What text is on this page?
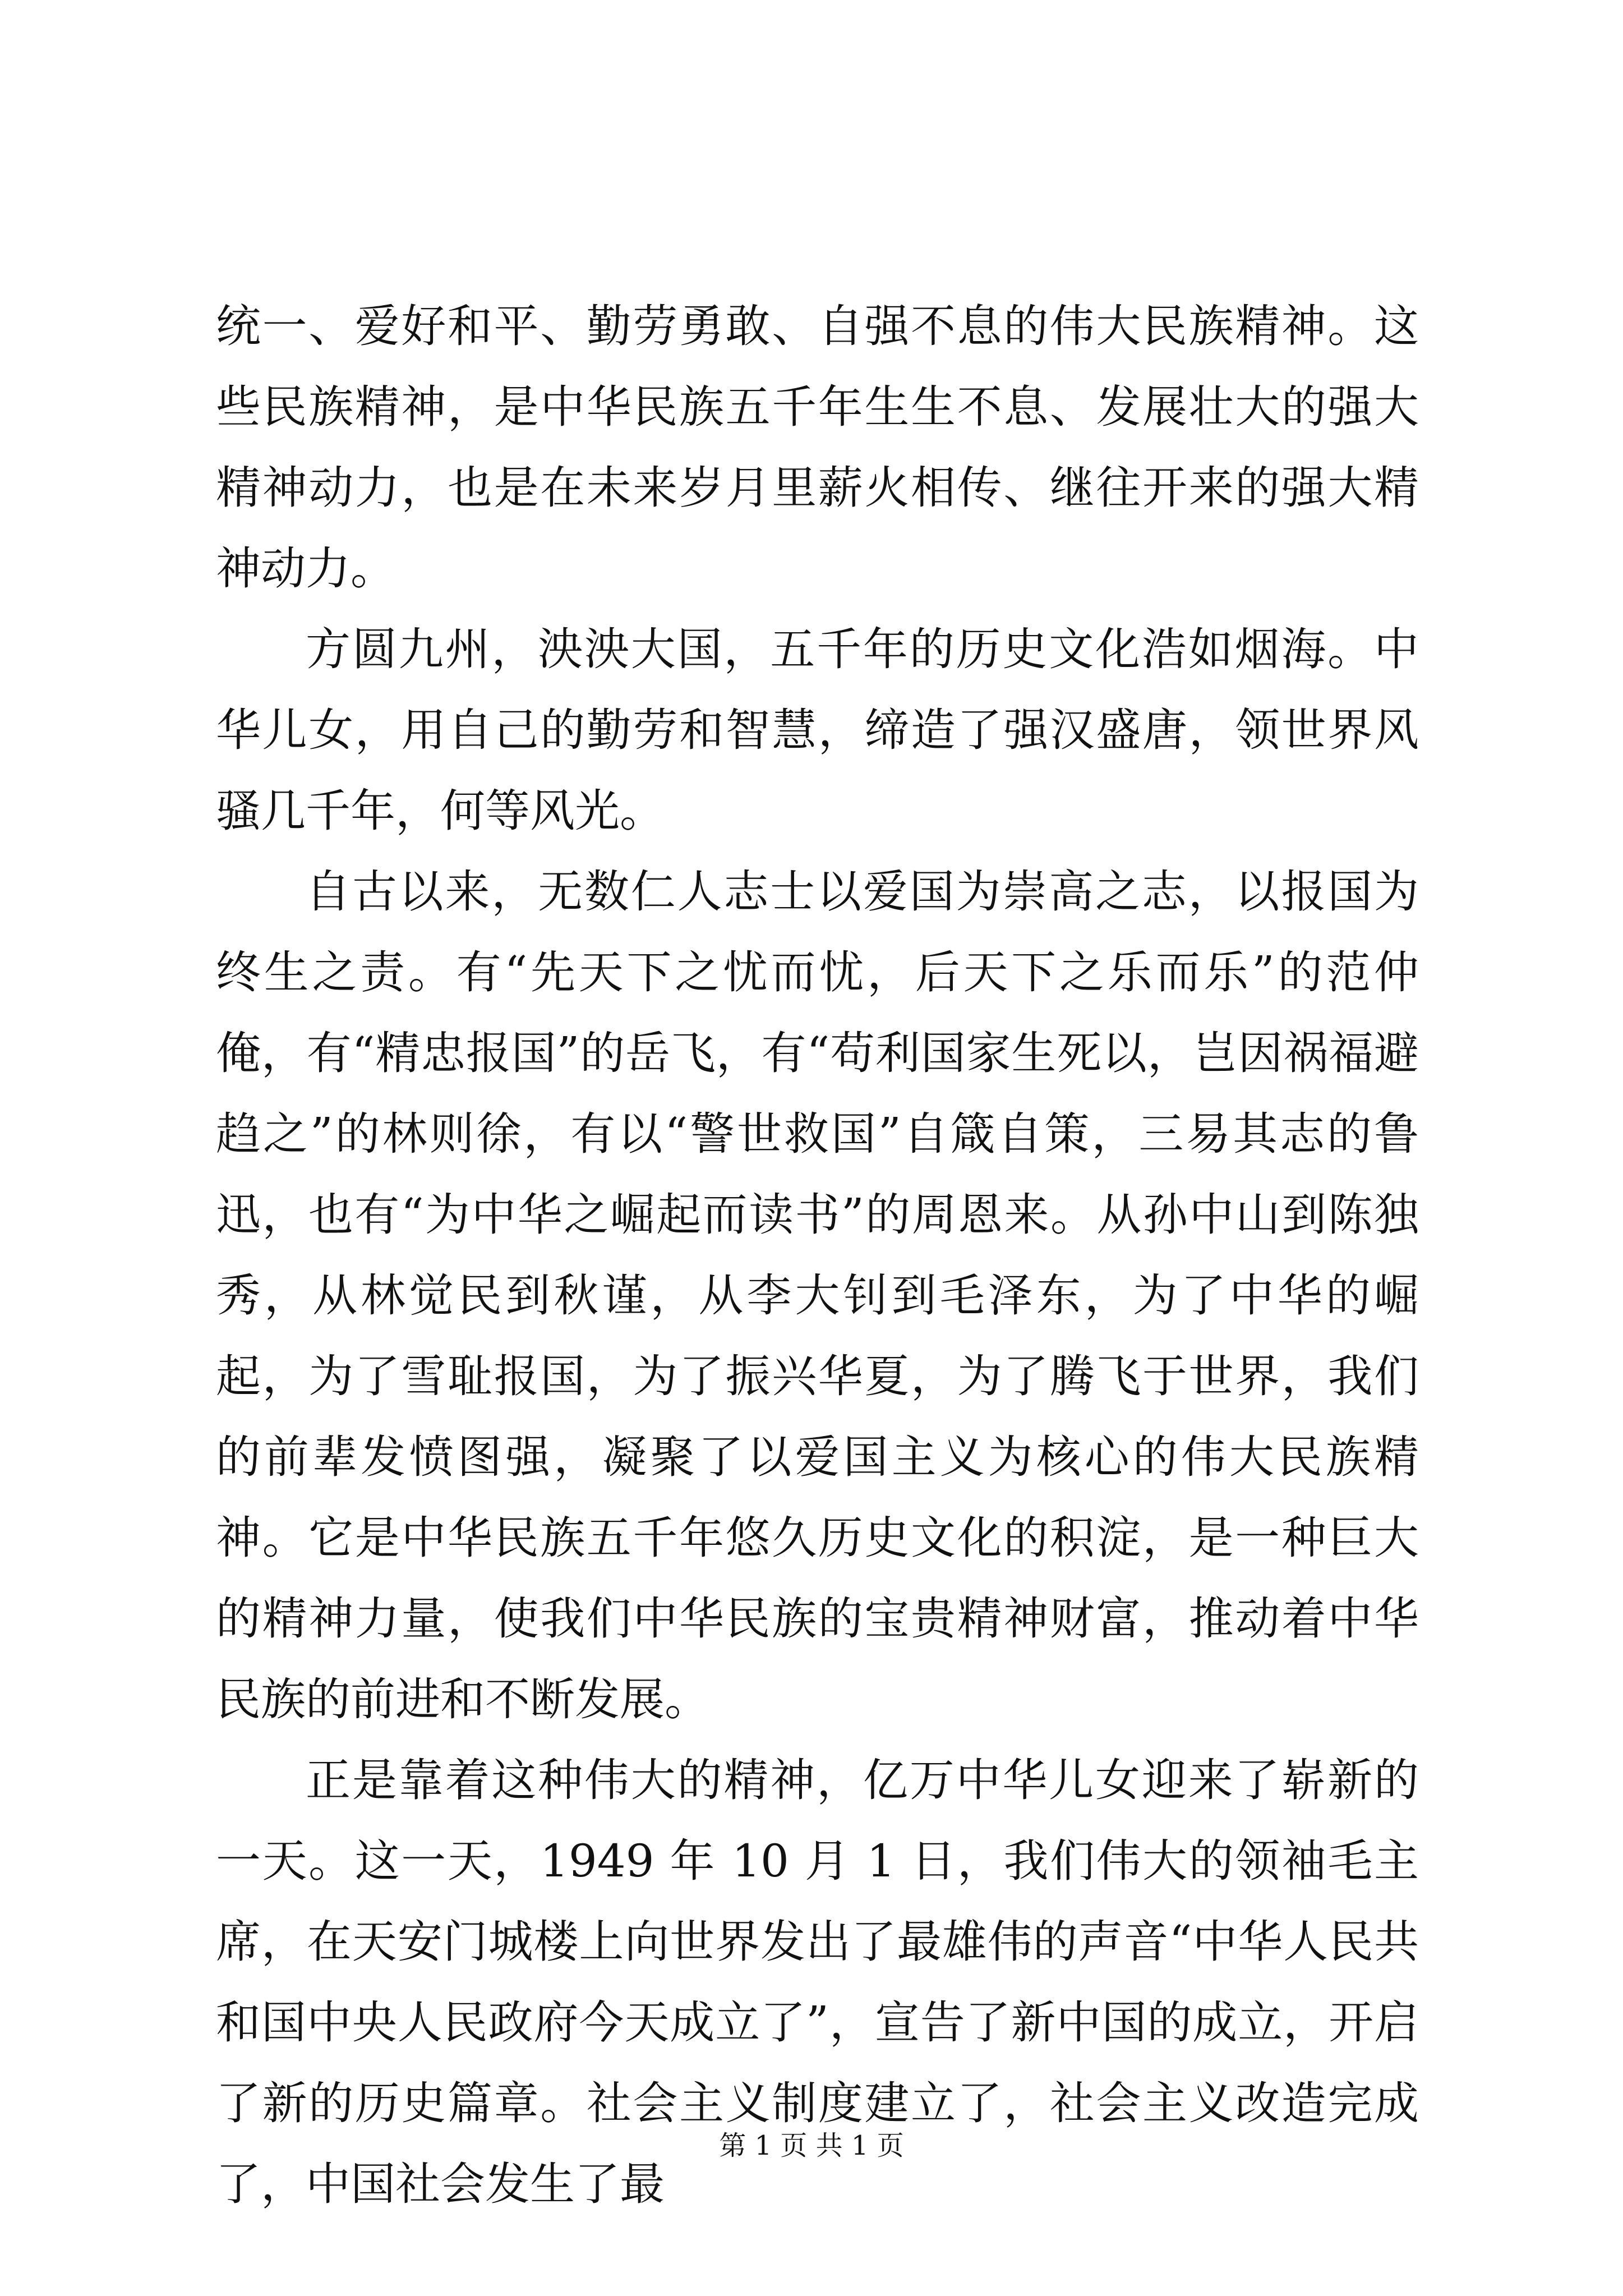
统一、爱好和平、勤劳勇敢、自强不息的伟大民族精神。这些民族精神，是中华民族五千年生生不息、发展壮大的强大精神动力，也是在未来岁月里薪火相传、继往开来的强大精神动力。

方圆九州，泱泱大国，五千年的历史文化浩如烟海。中华儿女，用自己的勤劳和智慧，缔造了强汉盛唐，领世界风骚几千年，何等风光。

自古以来，无数仁人志士以爱国为崇高之志，以报国为终生之责。有“先天下之忧而忧，后天下之乐而乐”的范仲俺，有“精忠报国”的岳飞，有“苟利国家生死以，岂因祸福避趋之”的林则徐，有以“警世救国”自箴自策，三易其志的鲁迅，也有“为中华之崛起而读书”的周恩来。从孙中山到陈独秀，从林觉民到秋谨，从李大钊到毛泽东，为了中华的崛起，为了雪耻报国，为了振兴华夏，为了腾飞于世界，我们的前辈发愤图强，凝聚了以爱国主义为核心的伟大民族精神。它是中华民族五千年悠久历史文化的积淀，是一种巨大的精神力量，使我们中华民族的宝贵精神财富，推动着中华民族的前进和不断发展。

正是靠着这种伟大的精神，亿万中华儿女迎来了崭新的一天。这一天，1949 年 10 月 1 日，我们伟大的领袖毛主席，在天安门城楼上向世界发出了最雄伟的声音“中华人民共和国中央人民政府今天成立了”，宣告了新中国的成立，开启了新的历史篇章。社会主义制度建立了，社会主义改造完成了，中国社会发生了最

第 1 页 共 1 页
